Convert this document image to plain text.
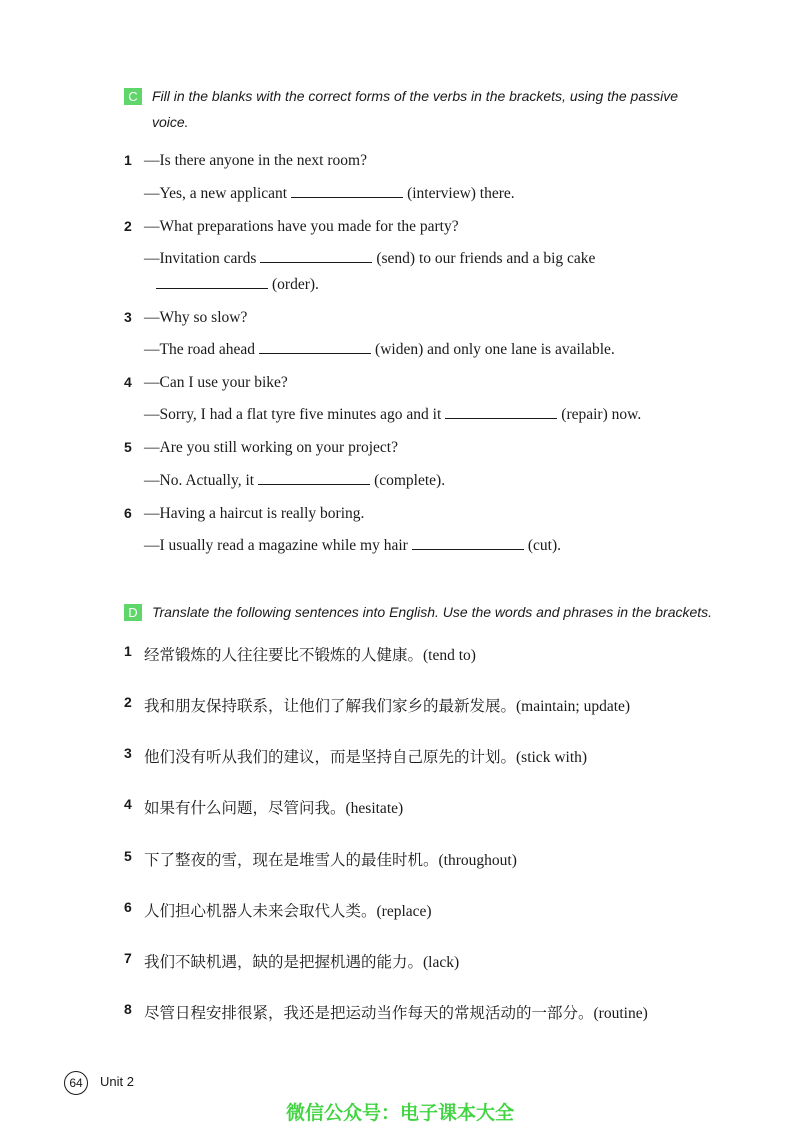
C	Fill in the blanks with the correct forms of the verbs in the brackets, using the passive voice.
1 —Is there anyone in the next room?
—Yes, a new applicant	(interview) there.
2 —What preparations have you made for the party?
—Invitation cards	(send) to our friends and a big cake
(order).
3 —Why so slow?
—The road ahead	(widen) and only one lane is available.
4 —Can I use your bike?
—Sorry, I had a flat tyre five minutes ago and it	(repair) now.
5 —Are you still working on your project?
—No. Actually, it	(complete).
6 —Having a haircut is really boring.
—I usually read a magazine while my hair	(cut).
D	Translate the following sentences into English. Use the words and phrases in the brackets.
1 经常锻炼的人往往要比不锻炼的人健康。(tend to)
2 我和朋友保持联系，让他们了解我们家乡的最新发展。(maintain; update)
3 他们没有听从我们的建议，而是坚持自己原先的计划。(stick with)
4 如果有什么问题，尽管问我。(hesitate)
5 下了整夜的雪，现在是堆雪人的最佳时机。(throughout)
6 人们担心机器人未来会取代人类。(replace)
7 我们不缺机遇，缺的是把握机遇的能力。(lack)
8 尽管日程安排很紧，我还是把运动当作每天的常规活动的一部分。(routine)
64	Unit 2
微信公众号：电子课本大全
